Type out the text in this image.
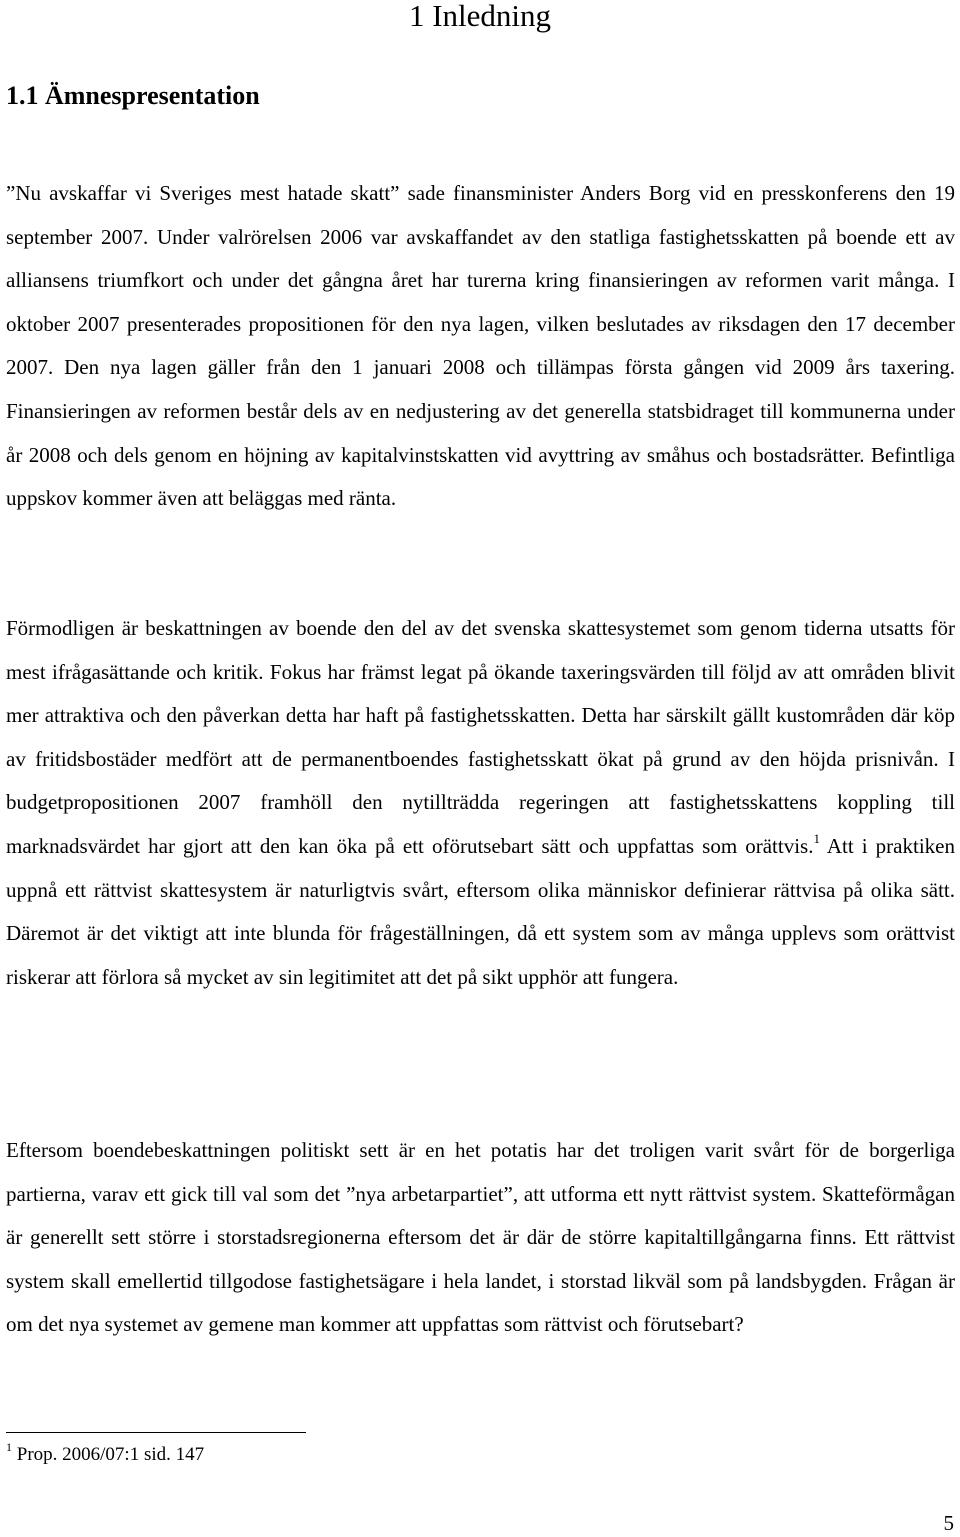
1 Inledning
1.1 Ämnespresentation

”Nu avskaffar vi Sveriges mest hatade skatt” sade finansminister Anders Borg vid en presskonferens den 19 september 2007. Under valrörelsen 2006 var avskaffandet av den statliga fastighetsskatten på boende ett av alliansens triumfkort och under det gångna året har turerna kring finansieringen av reformen varit många. I oktober 2007 presenterades propositionen för den nya lagen, vilken beslutades av riksdagen den 17 december 2007. Den nya lagen gäller från den 1 januari 2008 och tillämpas första gången vid 2009 års taxering. Finansieringen av reformen består dels av en nedjustering av det generella statsbidraget till kommunerna under år 2008 och dels genom en höjning av kapitalvinstskatten vid avyttring av småhus och bostadsrätter. Befintliga uppskov kommer även att beläggas med ränta.

Förmodligen är beskattningen av boende den del av det svenska skattesystemet som genom tiderna utsatts för mest ifrågasättande och kritik. Fokus har främst legat på ökande taxeringsvärden till följd av att områden blivit mer attraktiva och den påverkan detta har haft på fastighetsskatten. Detta har särskilt gällt kustområden där köp av fritidsbostäder medfört att de permanentboendes fastighetsskatt ökat på grund av den höjda prisnivån. I budgetpropositionen 2007 framhöll den nytillträdda regeringen att fastighetsskattens koppling till marknadsvärdet har gjort att den kan öka på ett oförutsebart sätt och uppfattas som orättvis.$^1$ Att i praktiken uppnå ett rättvist skattesystem är naturligtvis svårt, eftersom olika människor definierar rättvisa på olika sätt. Däremot är det viktigt att inte blunda för frågeställningen, då ett system som av många upplevs som orättvist riskerar att förlora så mycket av sin legitimitet att det på sikt upphör att fungera.

Eftersom boendebeskattningen politiskt sett är en het potatis har det troligen varit svårt för de borgerliga partierna, varav ett gick till val som det ”nya arbetarpartiet”, att utforma ett nytt rättvist system. Skatteförmågan är generellt sett större i storstadsregionerna eftersom det är där de större kapitaltillgångarna finns. Ett rättvist system skall emellertid tillgodose fastighetsägare i hela landet, i storstad likväl som på landsbygden. Frågan är om det nya systemet av gemene man kommer att uppfattas som rättvist och förutsebart?

$^1$ Prop. 2006/07:1 sid. 147

5
